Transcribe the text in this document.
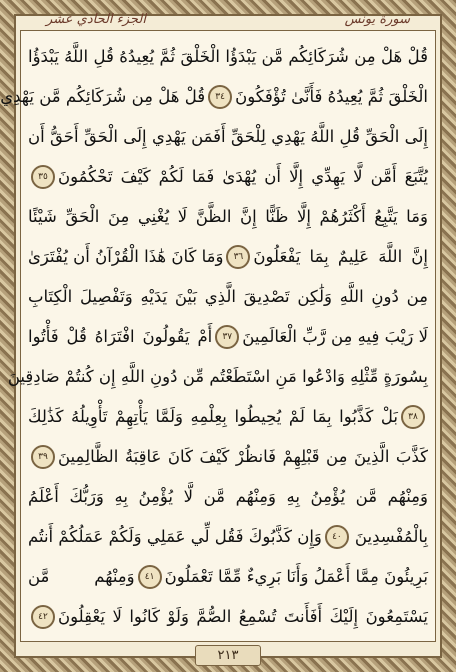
سورة يونس
الجزء الحادي عشر
قُلْ هَلْ مِن شُرَكَائِكُم مَّن يَبْدَؤُا الْخَلْقَ ثُمَّ يُعِيدُهُ قُلِ اللَّهُ يَبْدَؤُا
الْخَلْقَ ثُمَّ يُعِيدُهُ فَأَنَّىٰ تُؤْفَكُونَ
٣٤
قُلْ هَلْ مِن شُرَكَائِكُم مَّن يَهْدِي
إِلَى الْحَقِّ قُلِ اللَّهُ يَهْدِي لِلْحَقِّ أَفَمَن يَهْدِي إِلَى الْحَقِّ أَحَقُّ أَن
يُتَّبَعَ أَمَّن لَّا يَهِدِّي إِلَّا أَن يُهْدَىٰ فَمَا لَكُمْ كَيْفَ تَحْكُمُونَ
٣٥
وَمَا يَتَّبِعُ أَكْثَرُهُمْ إِلَّا ظَنًّا إِنَّ الظَّنَّ لَا يُغْنِي مِنَ الْحَقِّ شَيْئًا
إِنَّ اللَّهَ عَلِيمٌ بِمَا يَفْعَلُونَ
٣٦
وَمَا كَانَ هَٰذَا الْقُرْآنُ أَن يُفْتَرَىٰ
مِن دُونِ اللَّهِ وَلَٰكِن تَصْدِيقَ الَّذِي بَيْنَ يَدَيْهِ وَتَفْصِيلَ الْكِتَابِ
لَا رَيْبَ فِيهِ مِن رَّبِّ الْعَالَمِينَ
٣٧
أَمْ يَقُولُونَ افْتَرَاهُ قُلْ فَأْتُوا
بِسُورَةٍ مِّثْلِهِ وَادْعُوا مَنِ اسْتَطَعْتُم مِّن دُونِ اللَّهِ إِن كُنتُمْ صَادِقِينَ
٣٨
بَلْ كَذَّبُوا بِمَا لَمْ يُحِيطُوا بِعِلْمِهِ وَلَمَّا يَأْتِهِمْ تَأْوِيلُهُ كَذَٰلِكَ
كَذَّبَ الَّذِينَ مِن قَبْلِهِمْ فَانظُرْ كَيْفَ كَانَ عَاقِبَةُ الظَّالِمِينَ
٣٩
وَمِنْهُم مَّن يُؤْمِنُ بِهِ وَمِنْهُم مَّن لَّا يُؤْمِنُ بِهِ وَرَبُّكَ أَعْلَمُ
بِالْمُفْسِدِينَ
٤٠
وَإِن كَذَّبُوكَ فَقُل لِّي عَمَلِي وَلَكُمْ عَمَلُكُمْ أَنتُم
بَرِيئُونَ مِمَّا أَعْمَلُ وَأَنَا بَرِيءٌ مِّمَّا تَعْمَلُونَ
٤١
وَمِنْهُم مَّن
يَسْتَمِعُونَ إِلَيْكَ أَفَأَنتَ تُسْمِعُ الصُّمَّ وَلَوْ كَانُوا لَا يَعْقِلُونَ
٤٢
٢١٣
